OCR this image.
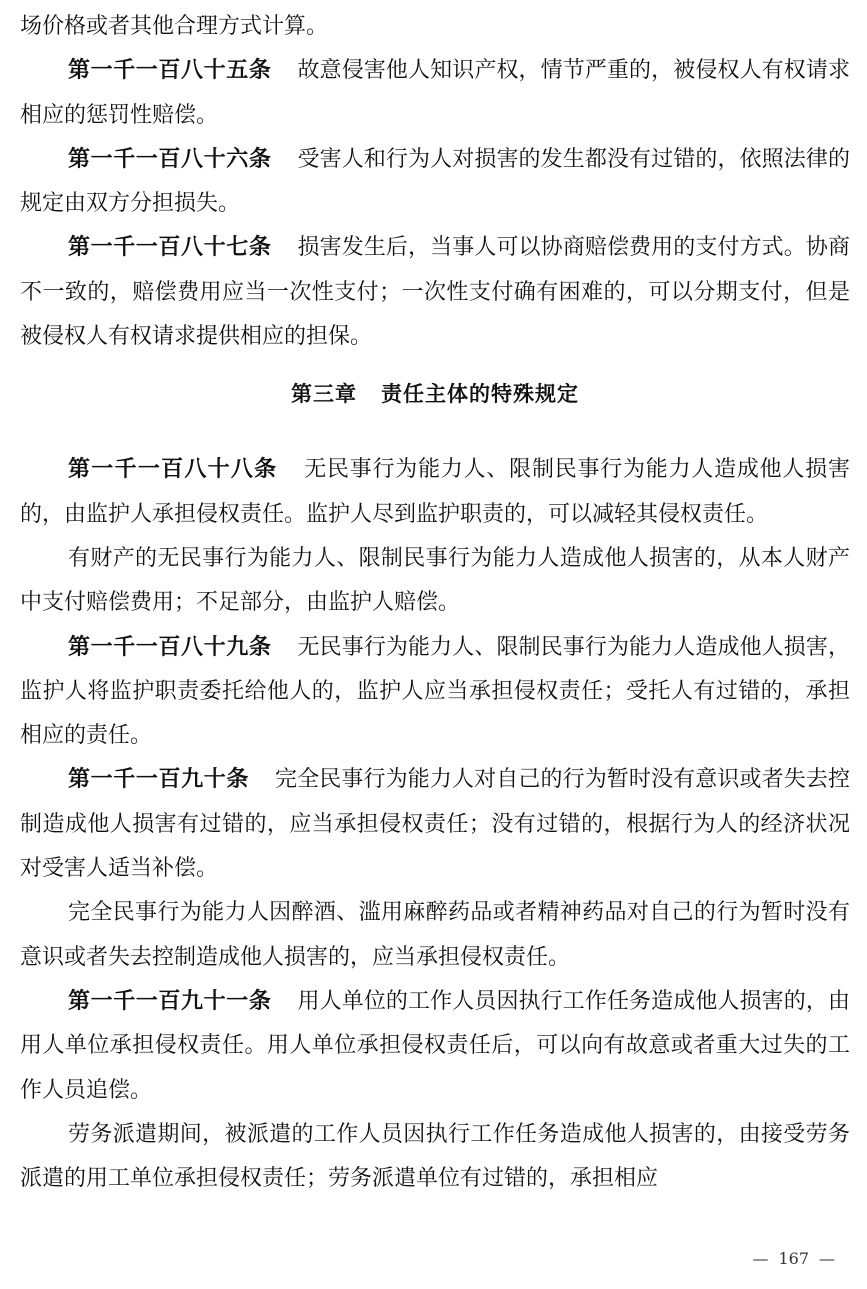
场价格或者其他合理方式计算。

第一千一百八十五条 故意侵害他人知识产权，情节严重的，被侵权人有权请求相应的惩罚性赔偿。

第一千一百八十六条 受害人和行为人对损害的发生都没有过错的，依照法律的规定由双方分担损失。

第一千一百八十七条 损害发生后，当事人可以协商赔偿费用的支付方式。协商不一致的，赔偿费用应当一次性支付；一次性支付确有困难的，可以分期支付，但是被侵权人有权请求提供相应的担保。

第三章 责任主体的特殊规定

第一千一百八十八条 无民事行为能力人、限制民事行为能力人造成他人损害的，由监护人承担侵权责任。监护人尽到监护职责的，可以减轻其侵权责任。

有财产的无民事行为能力人、限制民事行为能力人造成他人损害的，从本人财产中支付赔偿费用；不足部分，由监护人赔偿。

第一千一百八十九条 无民事行为能力人、限制民事行为能力人造成他人损害，监护人将监护职责委托给他人的，监护人应当承担侵权责任；受托人有过错的，承担相应的责任。

第一千一百九十条 完全民事行为能力人对自己的行为暂时没有意识或者失去控制造成他人损害有过错的，应当承担侵权责任；没有过错的，根据行为人的经济状况对受害人适当补偿。

完全民事行为能力人因醉酒、滥用麻醉药品或者精神药品对自己的行为暂时没有意识或者失去控制造成他人损害的，应当承担侵权责任。

第一千一百九十一条 用人单位的工作人员因执行工作任务造成他人损害的，由用人单位承担侵权责任。用人单位承担侵权责任后，可以向有故意或者重大过失的工作人员追偿。

劳务派遣期间，被派遣的工作人员因执行工作任务造成他人损害的，由接受劳务派遣的用工单位承担侵权责任；劳务派遣单位有过错的，承担相应

— 167 —
